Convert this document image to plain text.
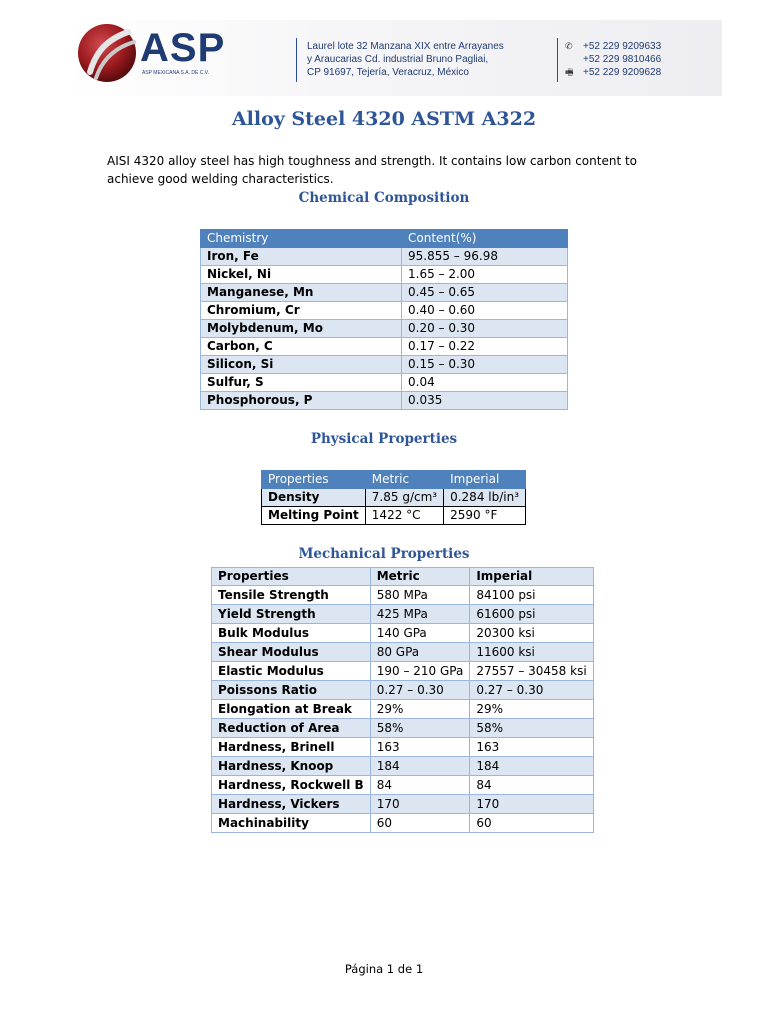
ASP
ASP MEXICANA S.A. DE C.V.
Laurel lote 32 Manzana XIX entre Arrayanes
y Araucarias Cd. industrial Bruno Pagliai,
CP 91697, Tejería, Veracruz, México
✆	+52 229 9209633
+52 229 9810466
🖷 +52 229 9209628
Alloy Steel 4320 ASTM A322

AISI 4320 alloy steel has high toughness and strength. It contains low carbon content to achieve good welding characteristics.

Chemical Composition
Chemistry	Content(%)
Iron, Fe	95.855 – 96.98
Nickel, Ni	1.65 – 2.00
Manganese, Mn	0.45 – 0.65
Chromium, Cr	0.40 – 0.60
Molybdenum, Mo	0.20 – 0.30
Carbon, C	0.17 – 0.22
Silicon, Si	0.15 – 0.30
Sulfur, S	0.04
Phosphorous, P	0.035
Physical Properties
Properties	Metric	Imperial
Density	7.85 g/cm³	0.284 lb/in³
Melting Point	1422 °C	2590 °F
Mechanical Properties
Properties	Metric	Imperial
Tensile Strength	580 MPa	84100 psi
Yield Strength	425 MPa	61600 psi
Bulk Modulus	140 GPa	20300 ksi
Shear Modulus	80 GPa	11600 ksi
Elastic Modulus	190 – 210 GPa	27557 – 30458 ksi
Poissons Ratio	0.27 – 0.30	0.27 – 0.30
Elongation at Break	29%	29%
Reduction of Area	58%	58%
Hardness, Brinell	163	163
Hardness, Knoop	184	184
Hardness, Rockwell B	84	84
Hardness, Vickers	170	170
Machinability	60	60
Página 1 de 1
